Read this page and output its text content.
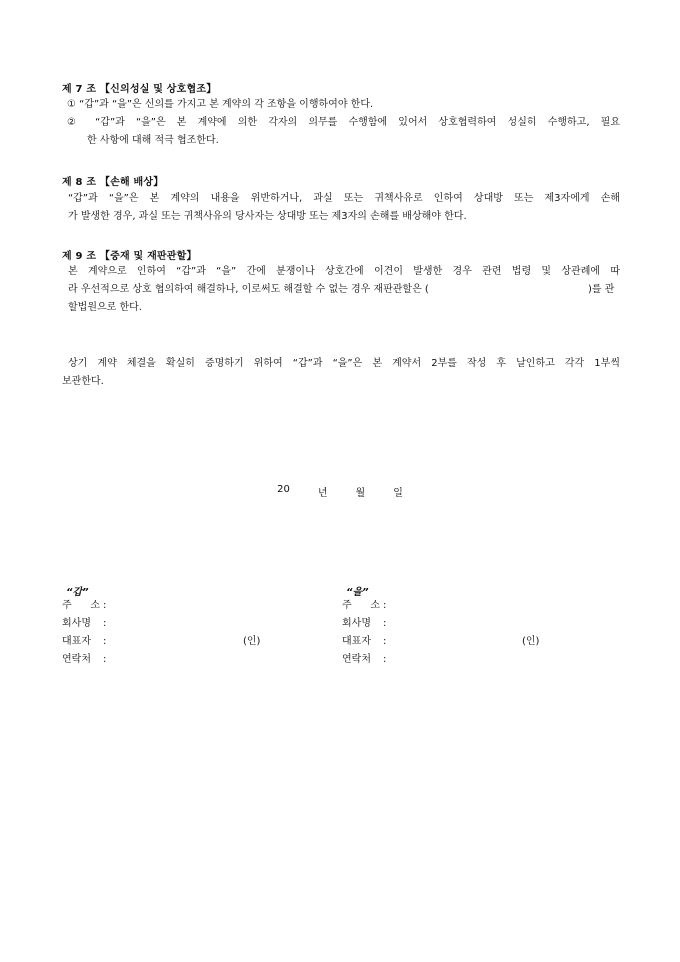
제 7 조 【신의성실 및 상호협조】
① “갑”과 “을”은 신의를 가지고 본 계약의 각 조항을 이행하여야 한다.
② “갑”과 “을”은 본 계약에 의한 각자의 의무를 수행함에 있어서 상호협력하여 성실히 수행하고, 필요
한 사항에 대해 적극 협조한다.
제 8 조 【손해 배상】
“갑”과 “을”은 본 계약의 내용을 위반하거나, 과실 또는 귀책사유로 인하여 상대방 또는 제3자에게 손해
가 발생한 경우, 과실 또는 귀책사유의 당사자는 상대방 또는 제3자의 손해를 배상해야 한다.
제 9 조 【중재 및 재판관할】
본 계약으로 인하여 “갑”과 “을” 간에 분쟁이나 상호간에 이견이 발생한 경우 관련 법령 및 상관례에 따
라 우선적으로 상호 협의하여 해결하나, 이로써도 해결할 수 없는 경우 재판관할은 (	)를 관
할법원으로 한다.
상기 계약 체결을 확실히 증명하기 위하여 “갑”과 “을”은 본 계약서 2부를 작성 후 날인하고 각각 1부씩
보관한다.
20	년	월	일
“갑”
주 소 :
회사명 :
대표자 :	(인)
연락처 :
“을”
주 소 :
회사명 :
대표자 :	(인)
연락처 :
